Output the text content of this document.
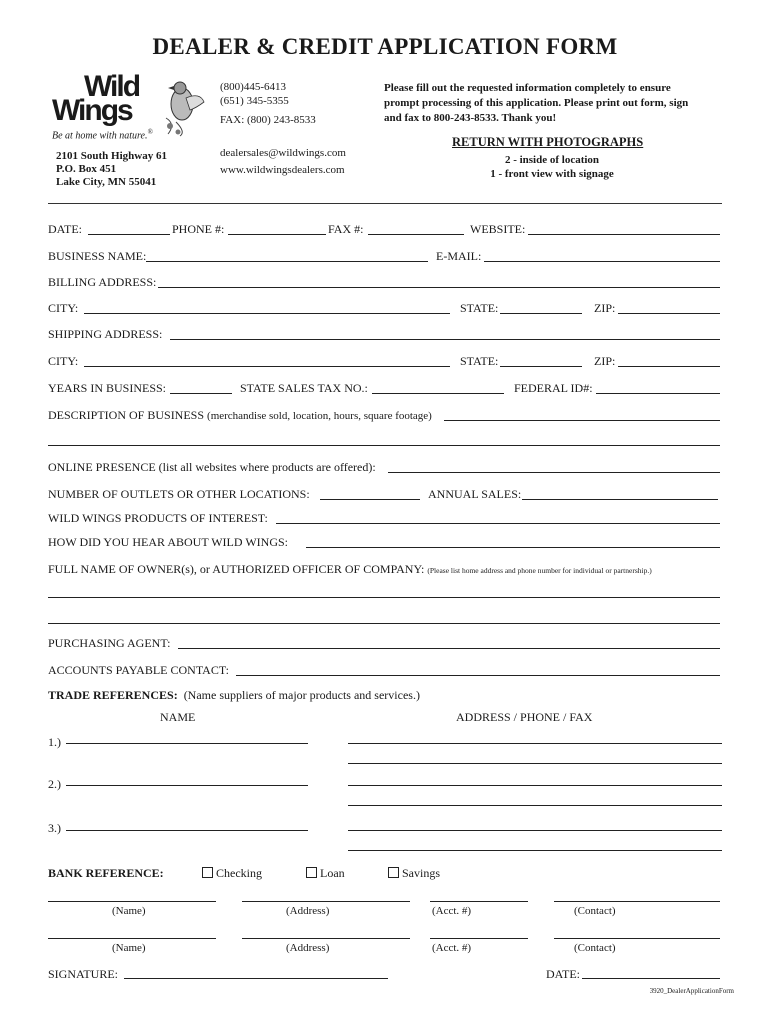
DEALER & CREDIT APPLICATION FORM
Wild
Wings
Be at home with nature.®
2101 South Highway 61
P.O. Box 451
Lake City, MN 55041
(800)445-6413
(651) 345-5355
FAX: (800) 243-8533
dealersales@wildwings.com
www.wildwingsdealers.com
Please fill out the requested information completely to ensure
prompt processing of this application. Please print out form, sign
and fax to 800-243-8533. Thank you!
RETURN WITH PHOTOGRAPHS
2 - inside of location
1 - front view with signage
DATE:	PHONE #:	FAX #:	WEBSITE:
BUSINESS NAME:	E-MAIL:
BILLING ADDRESS:
CITY:	STATE:	ZIP:
SHIPPING ADDRESS:
CITY:	STATE:	ZIP:
YEARS IN BUSINESS:	STATE SALES TAX NO.:	FEDERAL ID#:
DESCRIPTION OF BUSINESS (merchandise sold, location, hours, square footage)
ONLINE PRESENCE (list all websites where products are offered):
NUMBER OF OUTLETS OR OTHER LOCATIONS:	ANNUAL SALES:
WILD WINGS PRODUCTS OF INTEREST:
HOW DID YOU HEAR ABOUT WILD WINGS:
FULL NAME OF OWNER(s), or AUTHORIZED OFFICER OF COMPANY: (Please list home address and phone number for individual or partnership.)
PURCHASING AGENT:
ACCOUNTS PAYABLE CONTACT:
TRADE REFERENCES: (Name suppliers of major products and services.)
NAME	ADDRESS / PHONE / FAX
1.)
2.)
3.)
BANK REFERENCE:	Checking	Loan	Savings
(Name)	(Address)	(Acct. #)	(Contact)
(Name)	(Address)	(Acct. #)	(Contact)
SIGNATURE:	DATE:
3920_DealerApplicationForm
